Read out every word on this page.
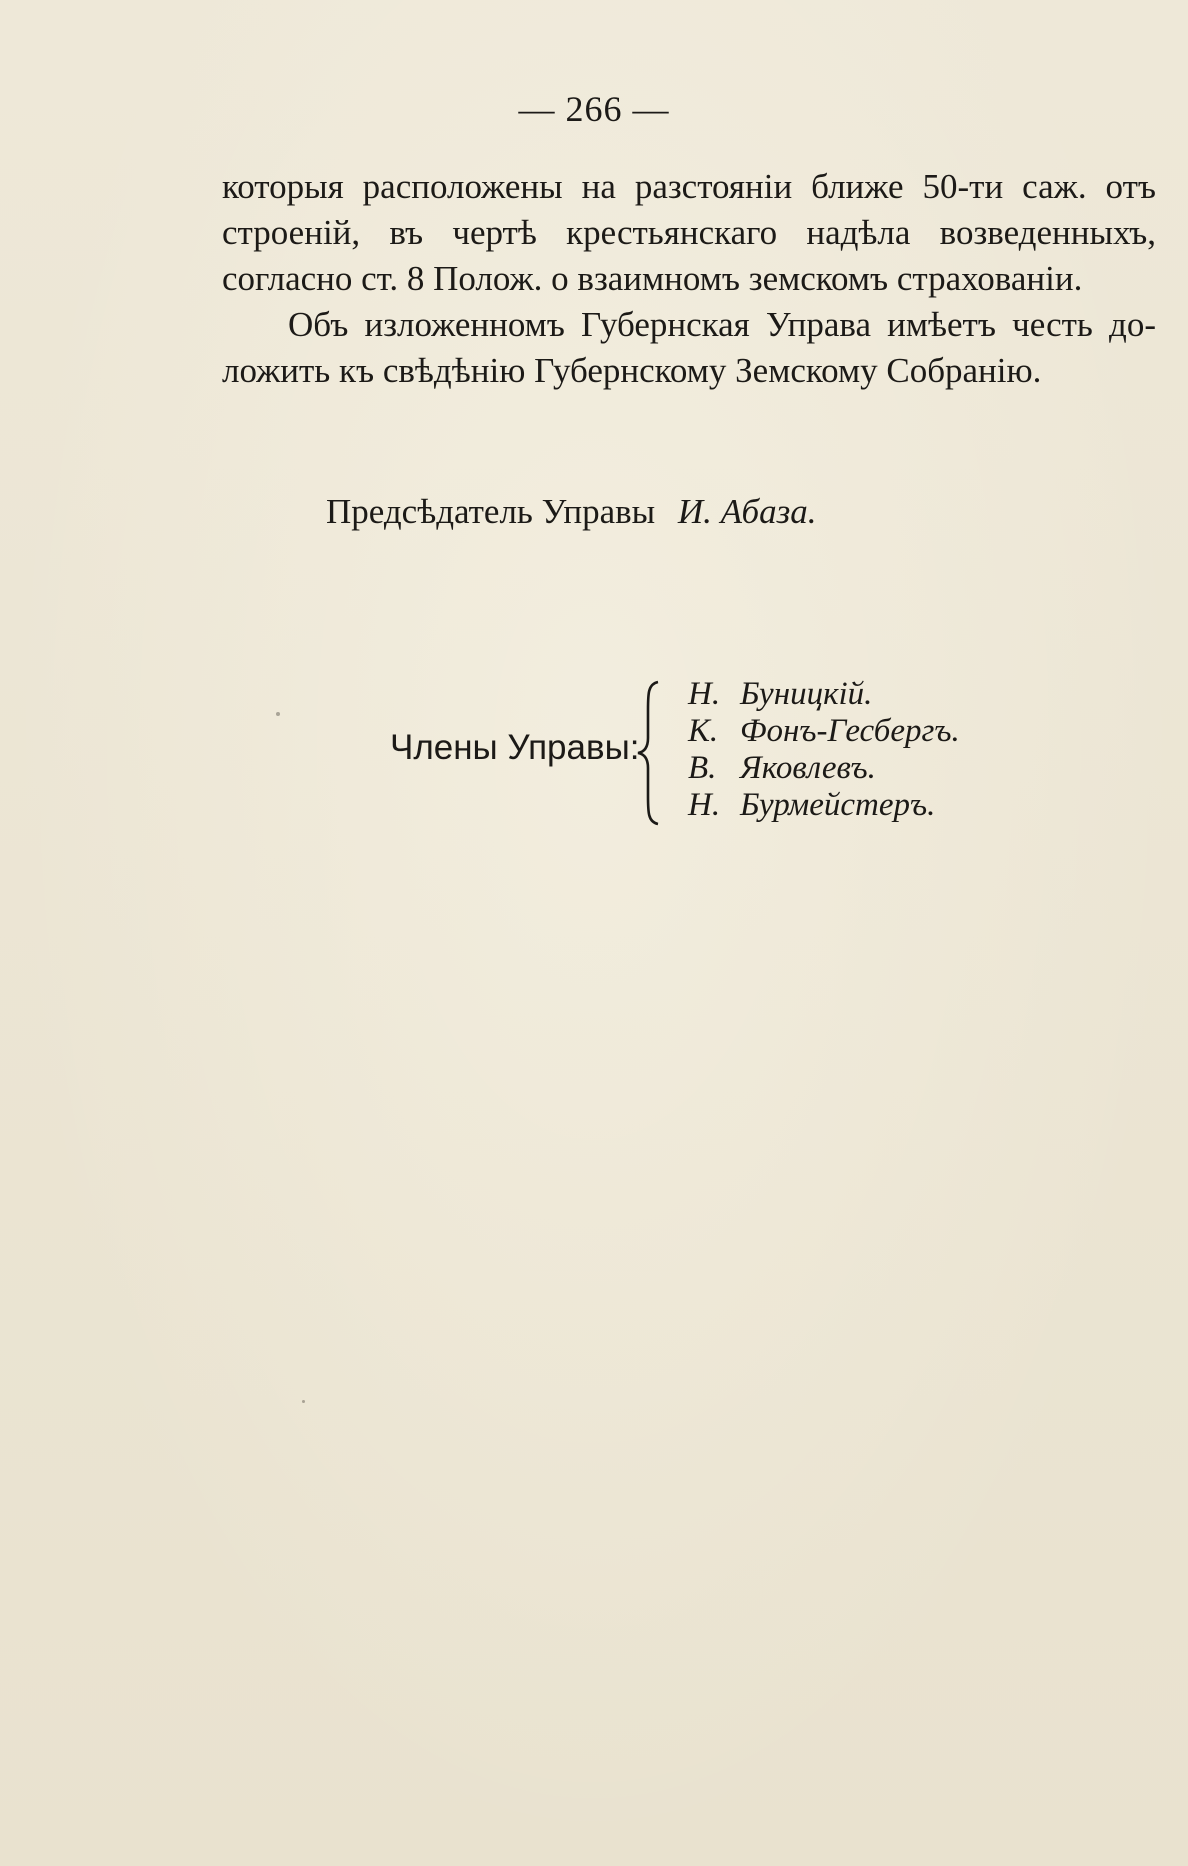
— 266 —
которыя расположены на разстояніи ближе 50-ти саж. отъ
строеній, въ чертѣ крестьянскаго надѣла возведенныхъ,
согласно ст. 8 Полож. о взаимномъ земскомъ страхованіи.
Объ изложенномъ Губернская Управа имѣетъ честь до-
ложить къ свѣдѣнію Губернскому Земскому Собранію.
Предсѣдатель Управы И. Абаза.
Члены Управы:
Н. Буницкій.
К. Фонъ-Гесбергъ.
В. Яковлевъ.
Н. Бурмейстеръ.
